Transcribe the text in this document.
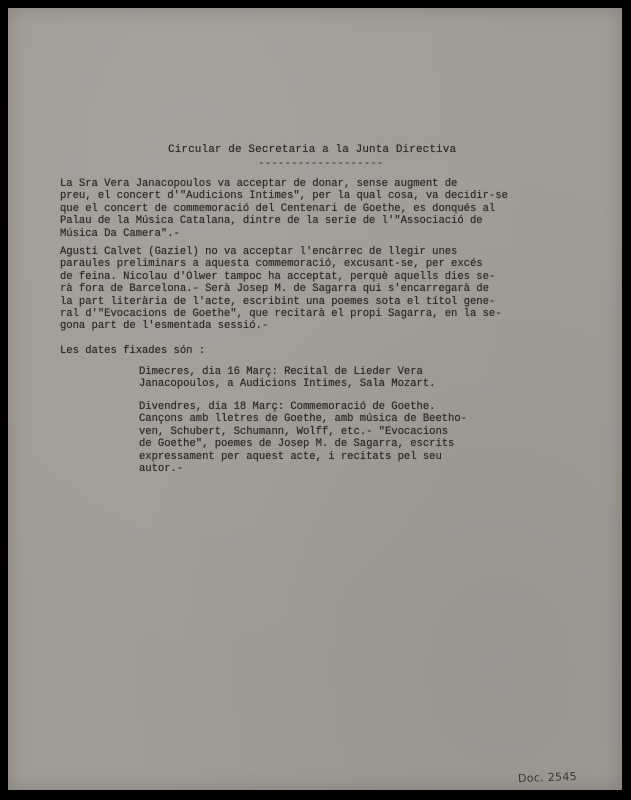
Circular de Secretaria a la Junta Directiva
-------------------

La Sra Vera Janacopoulos va acceptar de donar, sense augment de

preu, el concert d'"Audicions Intimes", per la qual cosa, va decidir-se

que el concert de commemoració del Centenari de Goethe, es donqués al

Palau de la Música Catalana, dintre de la serie de l'"Associació de

Música Da Camera".-

Agustí Calvet (Gaziel) no va acceptar l'encàrrec de llegir unes

paraules preliminars a aquesta commemoració, excusant-se, per excés

de feina. Nicolau d'Olwer tampoc ha acceptat, perquè aquells dies se-

rà fora de Barcelona.- Serà Josep M. de Sagarra qui s'encarregarà de

la part literària de l'acte, escribint una poemes sota el títol gene-

ral d'"Evocacions de Goethe", que recitarà el propi Sagarra, en la se-

gona part de l'esmentada sessió.-

Les dates fixades són :

Dimecres, dia 16 Març: Recital de Lieder Vera

Janacopoulos, a Audicions Intimes, Sala Mozart.

Divendres, dia 18 Març: Commemoració de Goethe.

Cançons amb lletres de Goethe, amb música de Beetho-

ven, Schubert, Schumann, Wolff, etc.- "Evocacions

de Goethe", poemes de Josep M. de Sagarra, escrits

expressament per aquest acte, i recitats pel seu

autor.-

Doc. 2545
